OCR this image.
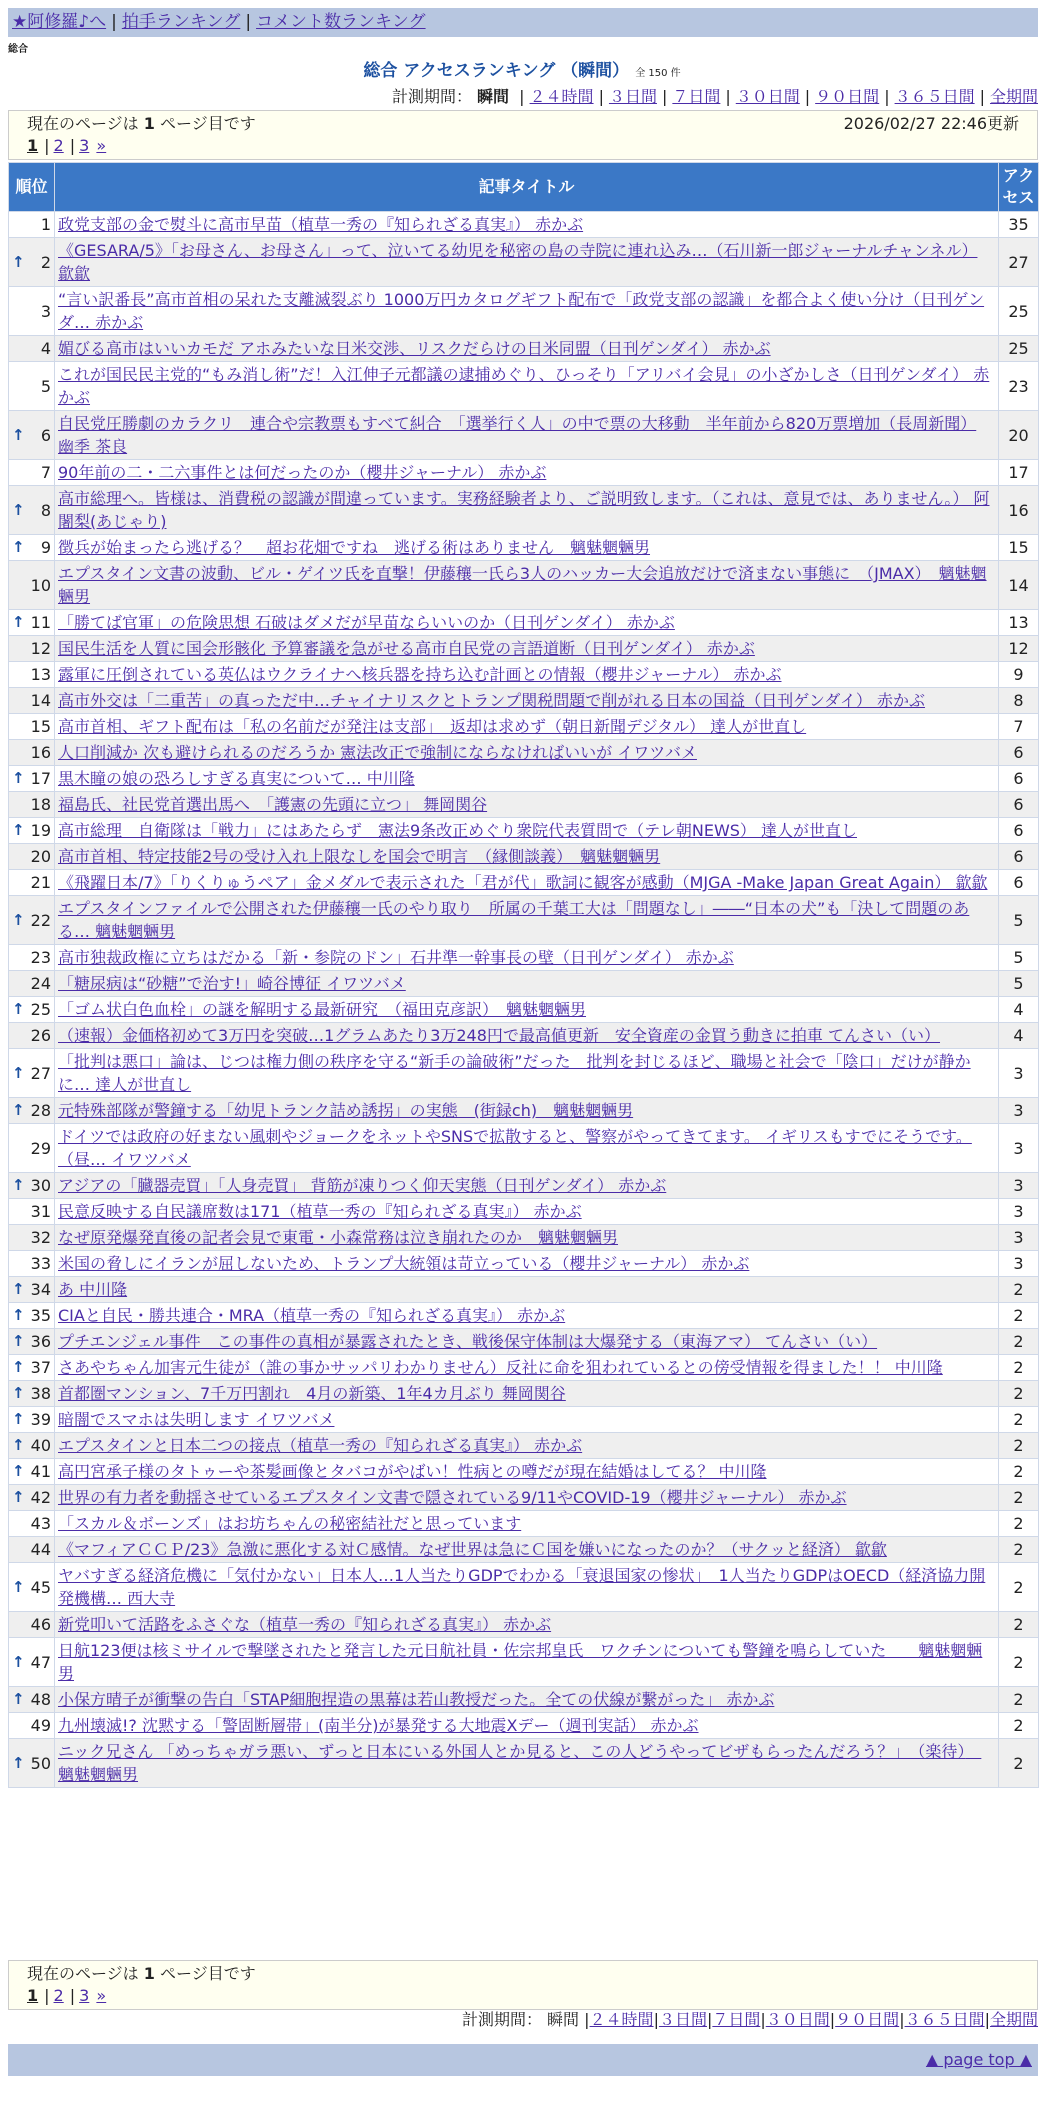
★阿修羅♪へ | 拍手ランキング | コメント数ランキング
総合
総合 アクセスランキング （瞬間） 全 150 件
計測期間： 瞬間 | ２４時間 | ３日間 | ７日間 | ３０日間 | ９０日間 | ３６５日間 | 全期間
現在のページは 1 ページ目です	2026/02/27 22:46更新
1 | 2 | 3 »
順位	記事タイトル	アクセス
1	政党支部の金で熨斗に高市早苗（植草一秀の『知られざる真実』） 赤かぶ	35

↑ 2	《GESARA/5》「お母さん、お母さん」って、泣いてる幼児を秘密の島の寺院に連れ込み…（石川新一郎ジャーナルチャンネル） 歙歙	27
3	“言い訳番長”高市首相の呆れた支離滅裂ぶり 1000万円カタログギフト配布で「政党支部の認識」を都合よく使い分け（日刊ゲンダ… 赤かぶ	25
4	媚びる高市はいいカモだ アホみたいな日米交渉、リスクだらけの日米同盟（日刊ゲンダイ） 赤かぶ	25
5	これが国民民主党的“もみ消し術”だ！入江伸子元都議の逮捕めぐり、ひっそり「アリバイ会見」の小ざかしさ（日刊ゲンダイ） 赤かぶ	23

↑ 6	自民党圧勝劇のカラクリ　連合や宗教票もすべて糾合　「選挙行く人」の中で票の大移動　半年前から820万票増加（長周新聞） 幽季 茶良	20
7	90年前の二・二六事件とは何だったのか（櫻井ジャーナル） 赤かぶ	17

↑ 8	高市総理へ。皆様は、消費税の認識が間違っています。実務経験者より、ご説明致します。（これは、意見では、ありません。） 阿闍梨(あじゃり)	16

↑ 9	徴兵が始まったら逃げる？　超お花畑ですね　逃げる術はありません　魑魅魍魎男	15
10	エプスタイン文書の波動、ビル・ゲイツ氏を直撃！伊藤穰一氏ら3人のハッカー大会追放だけで済まない事態に　（JMAX）　魑魅魍魎男	14

↑ 11	「勝てば官軍」の危険思想 石破はダメだが早苗ならいいのか（日刊ゲンダイ） 赤かぶ	13
12	国民生活を人質に国会形骸化 予算審議を急がせる高市自民党の言語道断（日刊ゲンダイ） 赤かぶ	12
13	露軍に圧倒されている英仏はウクライナへ核兵器を持ち込む計画との情報（櫻井ジャーナル） 赤かぶ	9
14	高市外交は「二重苦」の真っただ中…チャイナリスクとトランプ関税問題で削がれる日本の国益（日刊ゲンダイ） 赤かぶ	8
15	高市首相、ギフト配布は「私の名前だが発注は支部」　返却は求めず（朝日新聞デジタル） 達人が世直し	7
16	人口削減か 次も避けられるのだろうか 憲法改正で強制にならなければいいが イワツバメ	6

↑ 17	黒木瞳の娘の恐ろしすぎる真実について… 中川隆	6
18	福島氏、社民党首選出馬へ　「護憲の先頭に立つ」 舞岡関谷	6

↑ 19	高市総理　自衛隊は「戦力」にはあたらず　憲法9条改正めぐり衆院代表質問で（テレ朝NEWS） 達人が世直し	6
20	高市首相、特定技能2号の受け入れ上限なしを国会で明言　（縁側談義）　魑魅魍魎男	6
21	《飛躍日本/7》「りくりゅうペア」金メダルで表示された「君が代」歌詞に観客が感動（MJGA -Make Japan Great Again） 歙歙	6

↑ 22	エプスタインファイルで公開された伊藤穰一氏のやり取り　所属の千葉工大は「問題なし」――“日本の犬”も「決して問題のある… 魑魅魍魎男	5
23	高市独裁政権に立ちはだかる「新・参院のドン」石井準一幹事長の壁（日刊ゲンダイ） 赤かぶ	5
24	「糖尿病は“砂糖”で治す!」崎谷博征 イワツバメ	5

↑ 25	「ゴム状白色血栓」の謎を解明する最新研究　（福田克彦訳）　魑魅魍魎男	4
26	（速報）金価格初めて3万円を突破…1グラムあたり3万248円で最高値更新　安全資産の金買う動きに拍車 てんさい（い）	4

↑ 27	「批判は悪口」論は、じつは権力側の秩序を守る“新手の論破術”だった　批判を封じるほど、職場と社会で「陰口」だけが静かに… 達人が世直し	3

↑ 28	元特殊部隊が警鐘する「幼児トランク詰め誘拐」の実態　(街録ch)　魑魅魍魎男	3
29	ドイツでは政府の好まない風刺やジョークをネットやSNSで拡散すると、警察がやってきてます。 イギリスもすでにそうです。（昼… イワツバメ	3

↑ 30	アジアの「臓器売買」「人身売買」 背筋が凍りつく仰天実態（日刊ゲンダイ） 赤かぶ	3
31	民意反映する自民議席数は171（植草一秀の『知られざる真実』） 赤かぶ	3
32	なぜ原発爆発直後の記者会見で東電・小森常務は泣き崩れたのか　魑魅魍魎男	3
33	米国の脅しにイランが屈しないため、トランプ大統領は苛立っている（櫻井ジャーナル） 赤かぶ	3

↑ 34	あ 中川隆	2

↑ 35	CIAと自民・勝共連合・MRA（植草一秀の『知られざる真実』） 赤かぶ	2

↑ 36	プチエンジェル事件　この事件の真相が暴露されたとき、戦後保守体制は大爆発する（東海アマ） てんさい（い）	2

↑ 37	さあやちゃん加害元生徒が（誰の事かサッパリわかりません）反社に命を狙われているとの傍受情報を得ました！！ 中川隆	2

↑ 38	首都圏マンション、7千万円割れ　4月の新築、1年4カ月ぶり 舞岡関谷	2

↑ 39	暗闇でスマホは失明します イワツバメ	2

↑ 40	エプスタインと日本二つの接点（植草一秀の『知られざる真実』） 赤かぶ	2

↑ 41	高円宮承子様のタトゥーや茶髪画像とタバコがやばい！性病との噂だが現在結婚はしてる？ 中川隆	2

↑ 42	世界の有力者を動揺させているエプスタイン文書で隠されている9/11やCOVID-19（櫻井ジャーナル） 赤かぶ	2
43	「スカル＆ボーンズ」はお坊ちゃんの秘密結社だと思っています	2
44	《マフィアＣＣＰ/23》急激に悪化する対Ｃ感情。なぜ世界は急にＣ国を嫌いになったのか？（サクッと経済） 歙歙	2

↑ 45	ヤバすぎる経済危機に「気付かない」日本人…1人当たりGDPでわかる「衰退国家の惨状」　1人当たりGDPはOECD（経済協力開発機構… 西大寺	2
46	新党叩いて活路をふさぐな（植草一秀の『知られざる真実』） 赤かぶ	2

↑ 47	日航123便は核ミサイルで撃墜されたと発言した元日航社員・佐宗邦皇氏　ワクチンについても警鐘を鳴らしていた　　魑魅魍魎男	2

↑ 48	小保方晴子が衝撃の告白「STAP細胞捏造の黒幕は若山教授だった。全ての伏線が繋がった」 赤かぶ	2
49	九州壊滅!? 沈黙する「警固断層帯」(南半分)が暴発する大地震Xデー（週刊実話） 赤かぶ	2

↑ 50	ニック兄さん 「めっちゃガラ悪い、ずっと日本にいる外国人とか見ると、この人どうやってビザもらったんだろう？」　（楽待）　魑魅魍魎男	2
現在のページは 1 ページ目です
1 | 2 | 3 »
計測期間： 瞬間 |２４時間|３日間|７日間|３０日間|９０日間|３６５日間|全期間
▲ page top ▲
